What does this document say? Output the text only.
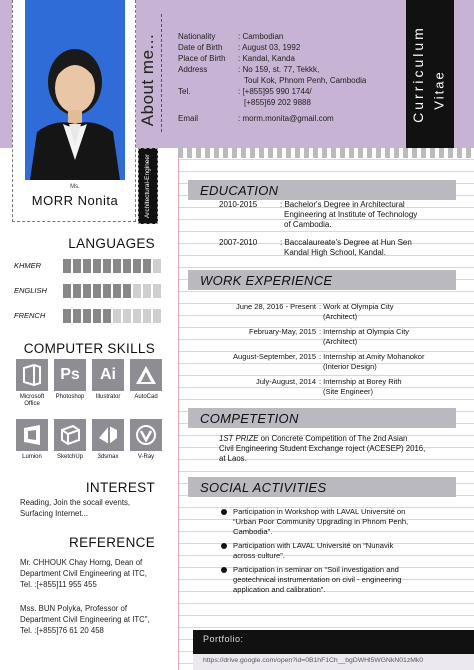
Ms.
MORR Nonita	Architectural-Engineer
About me...	Nationality	: Cambodian
Date of Birth	: August 03, 1992
Place of Birth	: Kandal, Kanda
Address	: No 159, st. 77, Tekkk,
Toul Kok, Phnom Penh, Cambodia
Tel.	: [+855]95 990 1744/
[+855]69 202 9888
Email	: morm.monita@gmail.com	Curriculum Vitae
EDUCATION
2010-2015	: Bachelor's Degree in Architectural
Engineering at Institute of Technology
of Cambodia.
2007-2010	: Baccalaureate's Degree at Hun Sen
Kandal High School, Kandal.
WORK EXPERIENCE
June 28, 2016 - Present : Work at Olympia City
(Architect)
February-May, 2015 : Internship at Olympia City
(Architect)
August-September, 2015 : Internship at Amity Mohanokor
(Interior Design)
July-August, 2014 : Internship at Borey Rith
(Site Engineer)
COMPETETION
1ST PRIZE on Concrete Competition of The 2nd Asian
Civil Engineering Student Exchange roject (ACESEP) 2016,
at Laos.
SOCIAL ACTIVITIES
Participation in Workshop with LAVAL Université on
“Urban Poor Community Upgrading in Phnom Penh,
Cambodia”.
Participation with LAVAL Université on “Nunavik
across culture”.
Participation in seminar on “Soil investigation and
geotechnical instrumentation on civil - engineering
application and calibration”.
Portfolio:
https://drive.google.com/open?id=0B1hF1Ch__bgDWHl5WGNkN01zMk0
LANGUAGES
KHMER
ENGLISH
FRENCH
COMPUTER SKILLS
Microsoft Office
Ps
Photoshop
Ai
Illustrator	AutoCad
Lumion	SketchUp	3dsmax	V-Ray
INTEREST
Reading, Join the socail events,
Surfacing Internet...
REFERENCE
Mr. CHHOUK Chay Horng, Dean of
Department Civil Engineering at ITC,
Tel. :[+855]11 955 455
Mss. BUN Polyka, Professor of
Department Civil Engineering at ITC",
Tel. :[+855]76 61 20 458
